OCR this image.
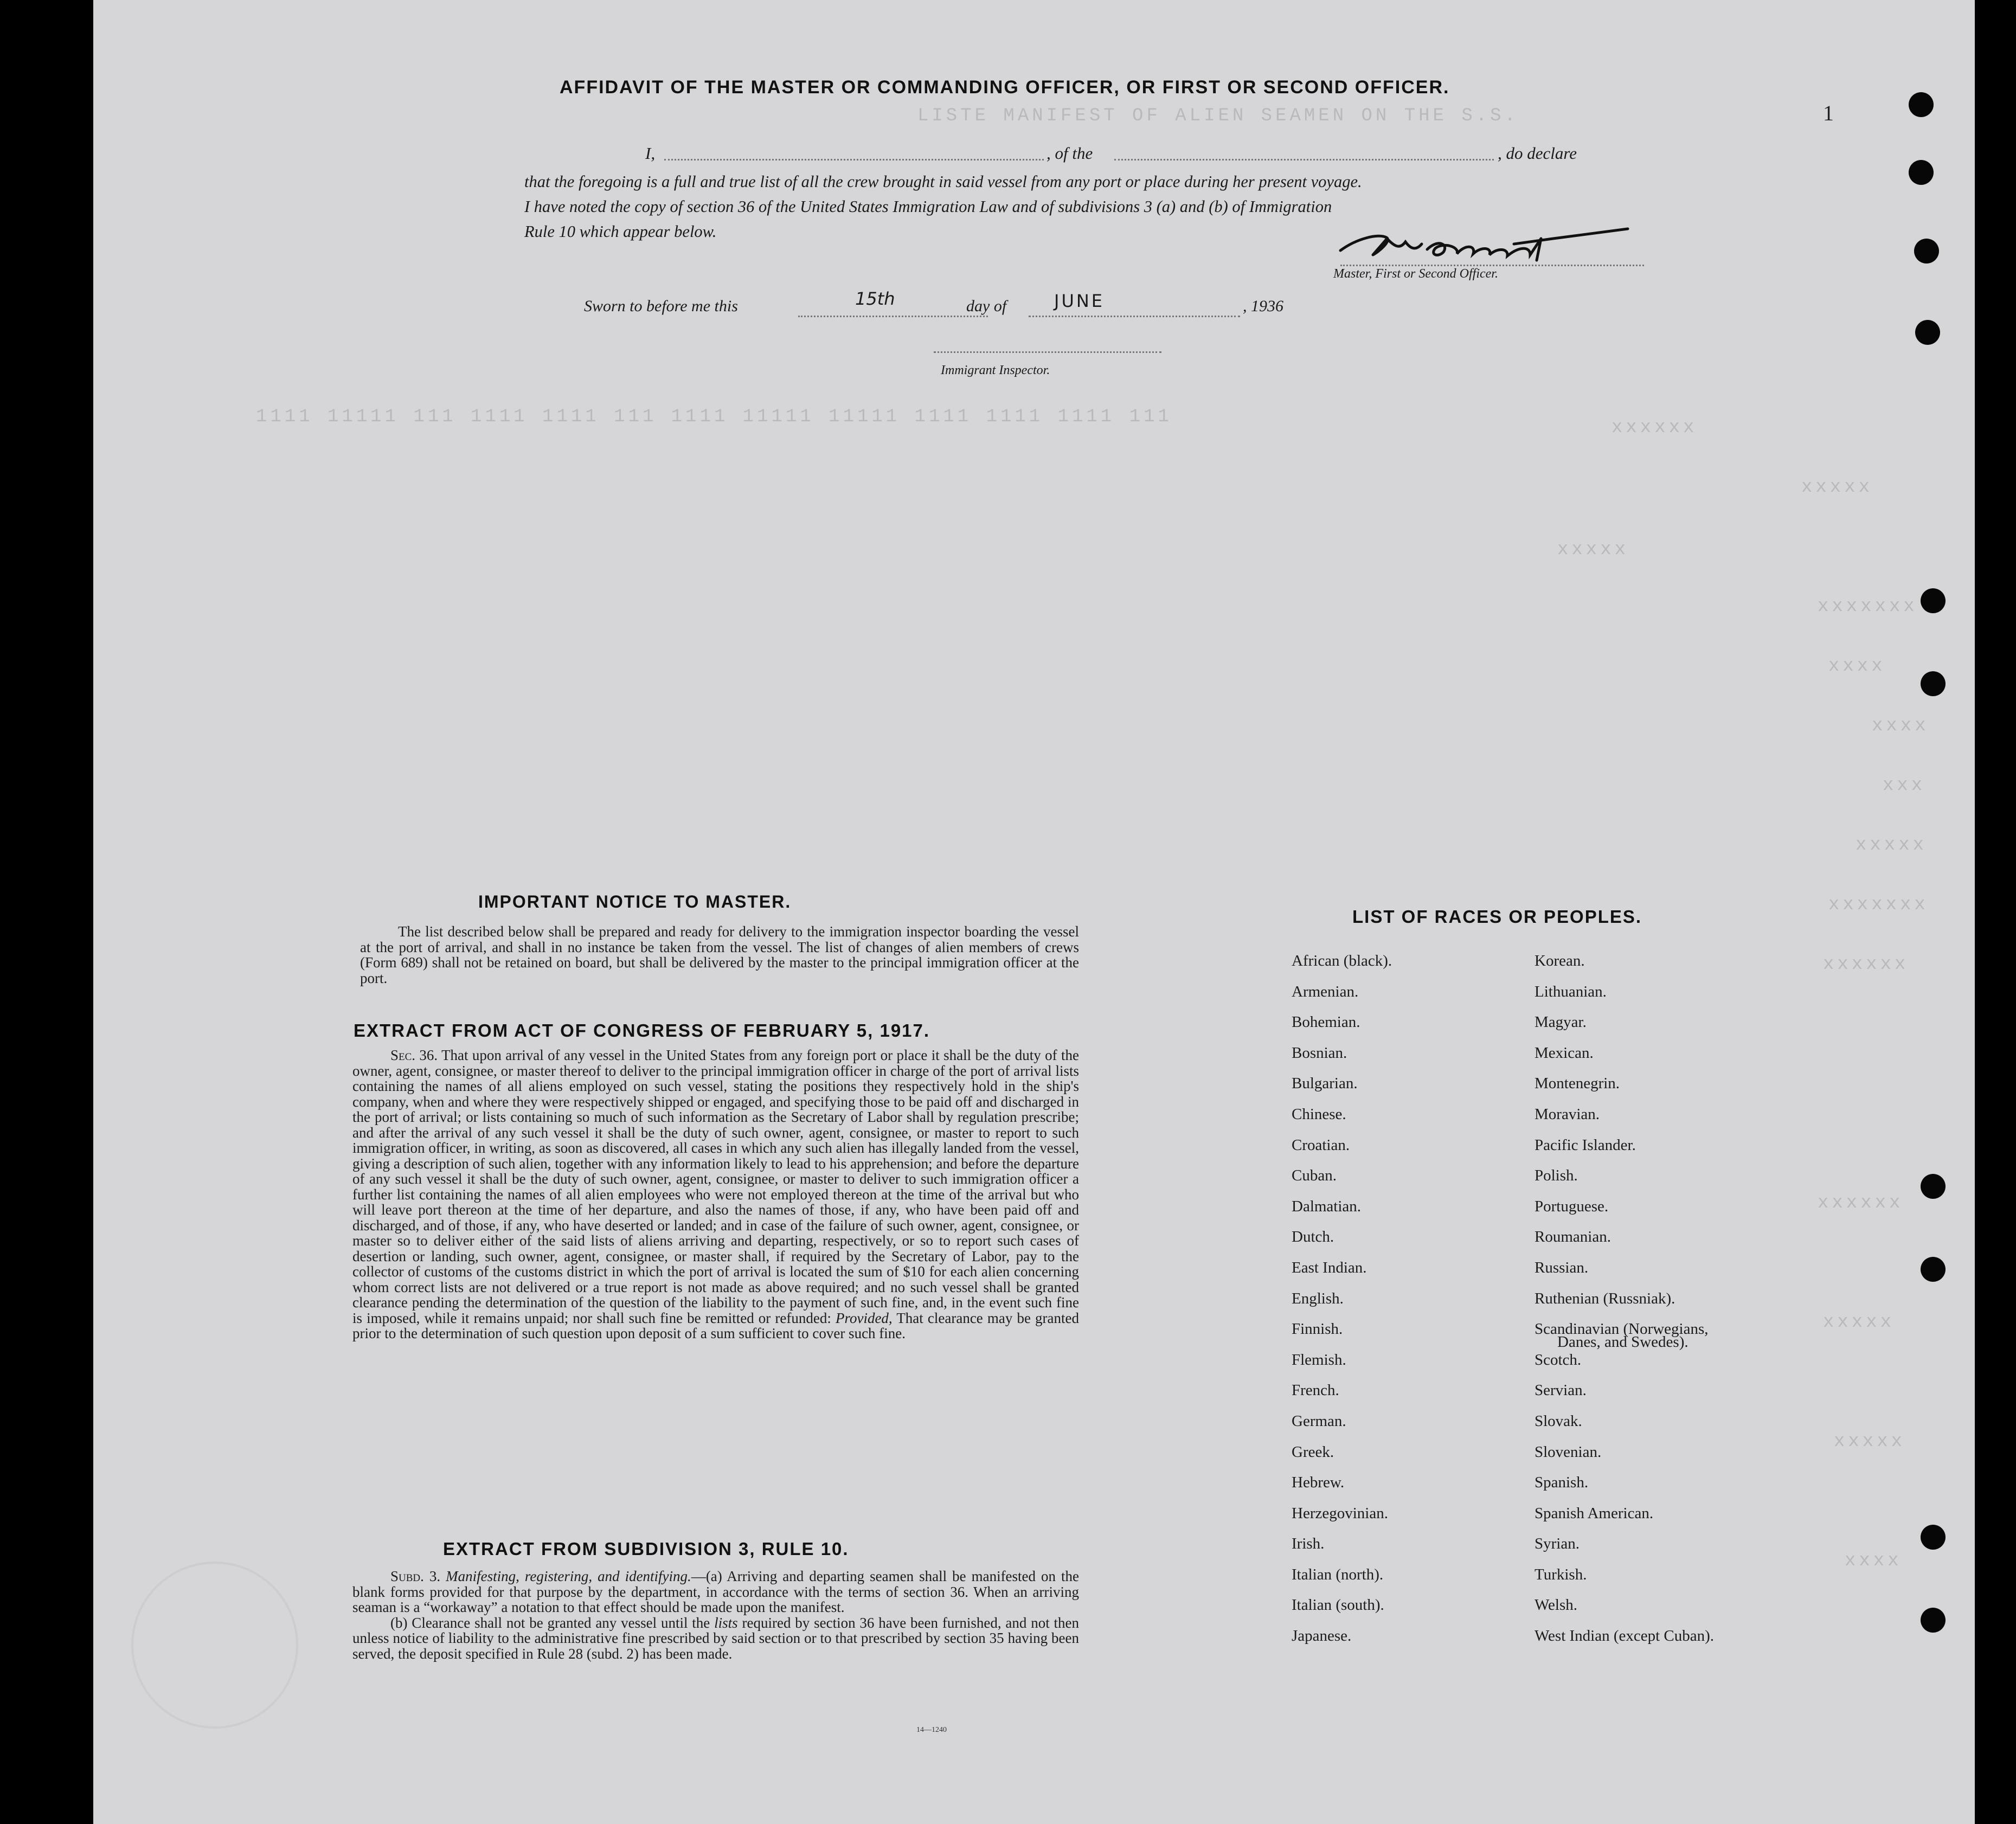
LISTE MANIFEST OF ALIEN SEAMEN ON THE S.S.
1111 11111 111 1111 1111 111 1111 11111 11111 1111 1111 1111 111
xxxxxx
xxxxx
xxxxx
xxxxxxx
xxxx
xxxx
xxx
xxxxx
xxxxxxx
xxxxxx
xxxxxx
xxxxx
xxxxx
xxxx
1
AFFIDAVIT OF THE MASTER OR COMMANDING OFFICER, OR FIRST OR SECOND OFFICER.
I,	, of the	, do declare
that the foregoing is a full and true list of all the crew brought in said vessel from any port or place during her present voyage.
I have noted the copy of section 36 of the United States Immigration Law and of subdivisions 3 (a) and (b) of Immigration
Rule 10 which appear below.
Master, First or Second Officer.
Sworn to before me this	15th	day of	JUNE	, 1936
Immigrant Inspector.
IMPORTANT NOTICE TO MASTER.

The list described below shall be prepared and ready for delivery to the immigration inspector boarding the vessel at the port of arrival, and shall in no instance be taken from the vessel. The list of changes of alien members of crews (Form 689) shall not be retained on board, but shall be delivered by the master to the principal immigration officer at the port.

EXTRACT FROM ACT OF CONGRESS OF FEBRUARY 5, 1917.

Sec. 36. That upon arrival of any vessel in the United States from any foreign port or place it shall be the duty of the owner, agent, consignee, or master thereof to deliver to the principal immigration officer in charge of the port of arrival lists containing the names of all aliens employed on such vessel, stating the positions they respectively hold in the ship's company, when and where they were respectively shipped or engaged, and specifying those to be paid off and discharged in the port of arrival; or lists containing so much of such information as the Secretary of Labor shall by regulation prescribe; and after the arrival of any such vessel it shall be the duty of such owner, agent, consignee, or master to report to such immigration officer, in writing, as soon as discovered, all cases in which any such alien has illegally landed from the vessel, giving a description of such alien, together with any information likely to lead to his apprehension; and before the departure of any such vessel it shall be the duty of such owner, agent, consignee, or master to deliver to such immigration officer a further list containing the names of all alien employees who were not employed thereon at the time of the arrival but who will leave port thereon at the time of her departure, and also the names of those, if any, who have been paid off and discharged, and of those, if any, who have deserted or landed; and in case of the failure of such owner, agent, consignee, or master so to deliver either of the said lists of aliens arriving and departing, respectively, or so to report such cases of desertion or landing, such owner, agent, consignee, or master shall, if required by the Secretary of Labor, pay to the collector of customs of the customs district in which the port of arrival is located the sum of $10 for each alien concerning whom correct lists are not delivered or a true report is not made as above required; and no such vessel shall be granted clearance pending the determination of the question of the liability to the payment of such fine, and, in the event such fine is imposed, while it remains unpaid; nor shall such fine be remitted or refunded: Provided, That clearance may be granted prior to the determination of such question upon deposit of a sum sufficient to cover such fine.

EXTRACT FROM SUBDIVISION 3, RULE 10.

Subd. 3. Manifesting, registering, and identifying.—(a) Arriving and departing seamen shall be manifested on the blank forms provided for that purpose by the department, in accordance with the terms of section 36. When an arriving seaman is a “workaway” a notation to that effect should be made upon the manifest.

(b) Clearance shall not be granted any vessel until the lists required by section 36 have been furnished, and not then unless notice of liability to the administrative fine prescribed by said section or to that prescribed by section 35 having been served, the deposit specified in Rule 28 (subd. 2) has been made.

14—1240
LIST OF RACES OR PEOPLES.
African (black).
Armenian.
Bohemian.
Bosnian.
Bulgarian.
Chinese.
Croatian.
Cuban.
Dalmatian.
Dutch.
East Indian.
English.
Finnish.
Flemish.
French.
German.
Greek.
Hebrew.
Herzegovinian.
Irish.
Italian (north).
Italian (south).
Japanese.
Korean.
Lithuanian.
Magyar.
Mexican.
Montenegrin.
Moravian.
Pacific Islander.
Polish.
Portuguese.
Roumanian.
Russian.
Ruthenian (Russniak).
Scandinavian (Norwegians,
Danes, and Swedes).
Scotch.
Servian.
Slovak.
Slovenian.
Spanish.
Spanish American.
Syrian.
Turkish.
Welsh.
West Indian (except Cuban).
